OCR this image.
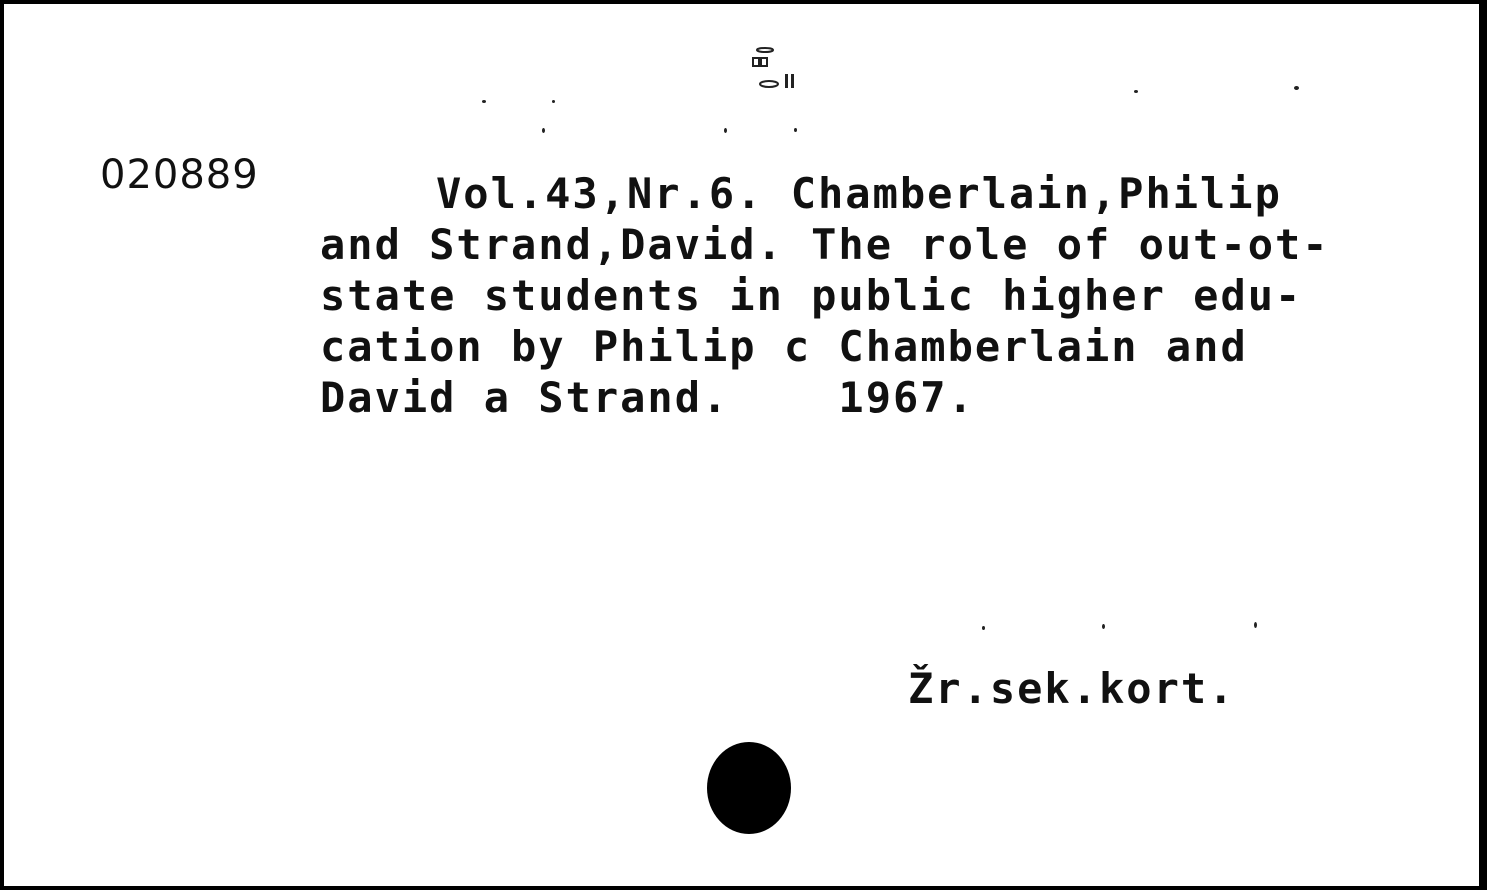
020889	Vol.43,Nr.6. Chamberlain,Philip
and Strand,David. The role of out-ot-
state students in public higher edu-
cation by Philip c Chamberlain and
David a Strand.    1967.
Žr.sek.kort.
